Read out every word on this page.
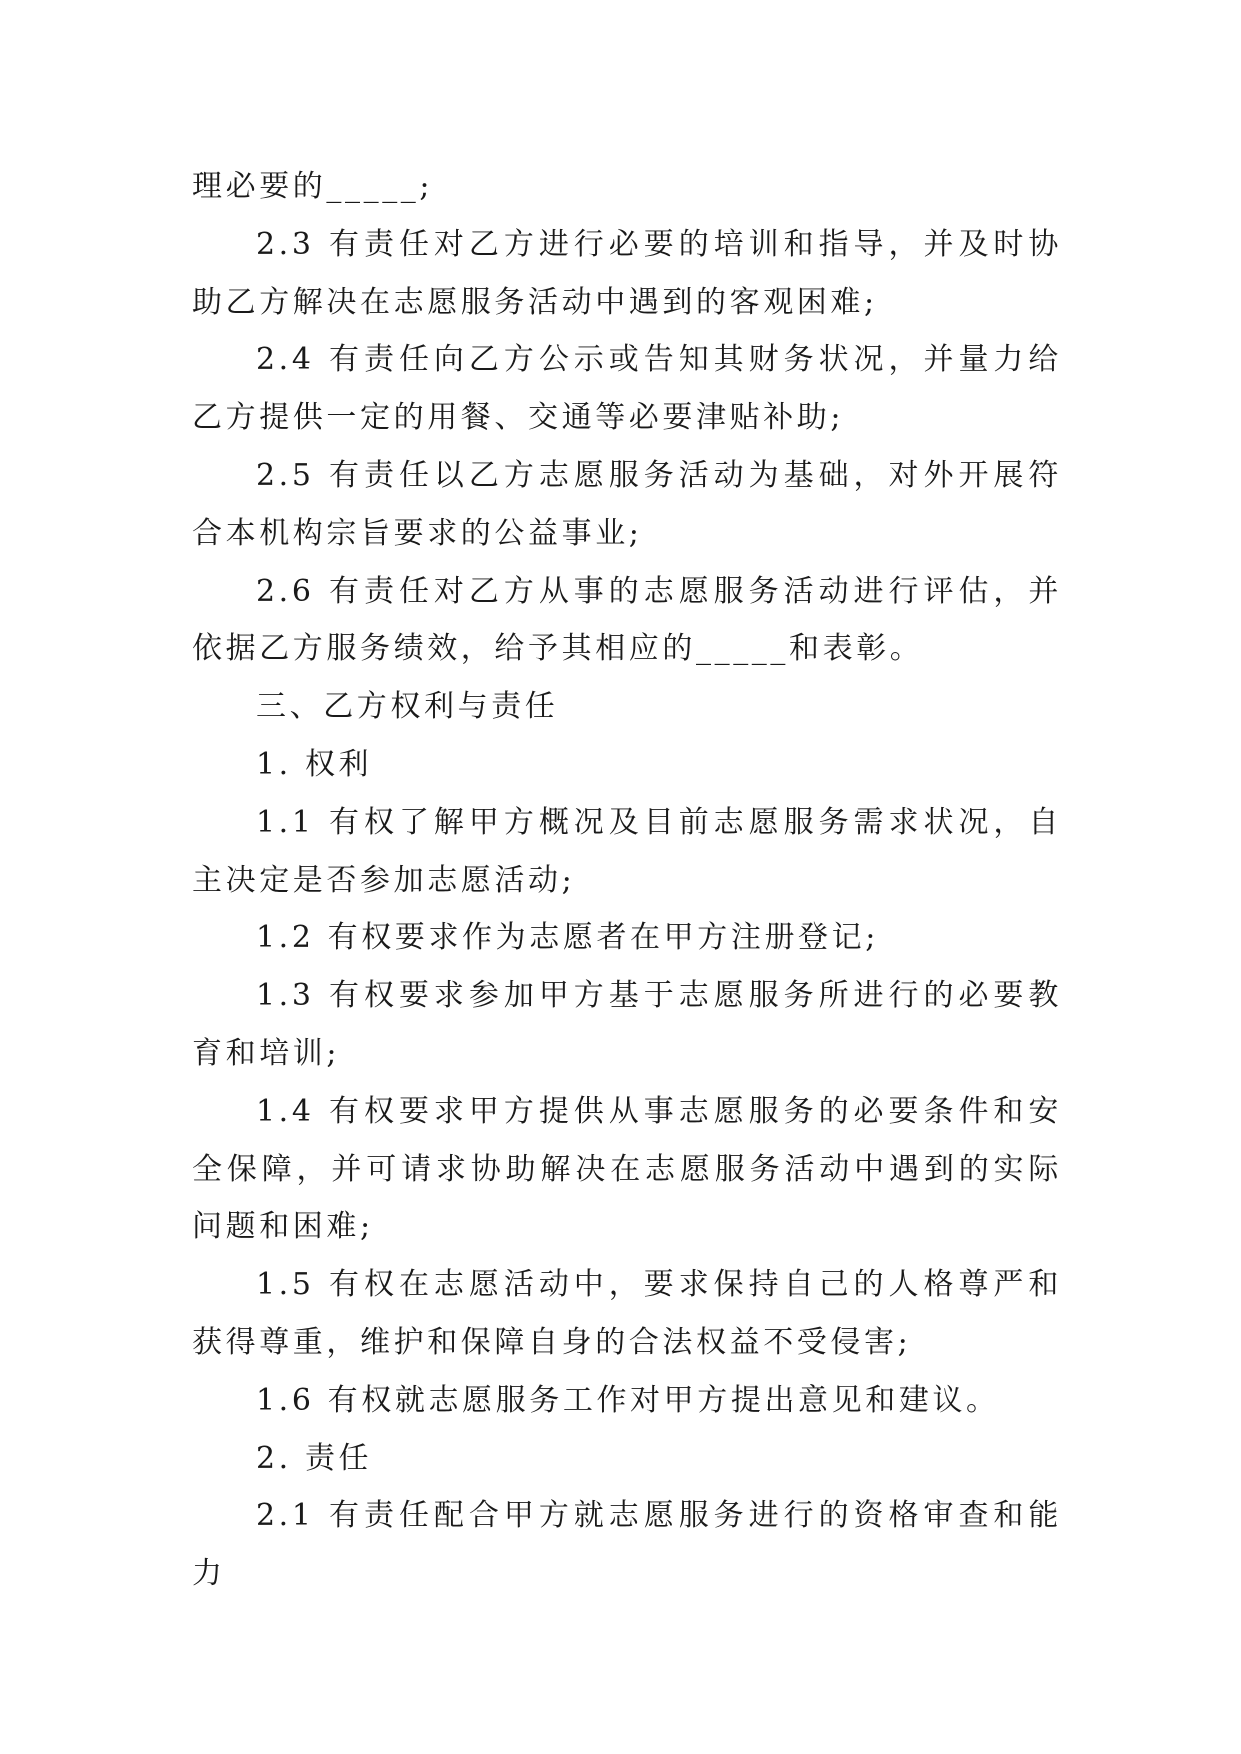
理必要的_____;

2.3 有责任对乙方进行必要的培训和指导，并及时协助乙方解决在志愿服务活动中遇到的客观困难;

2.4 有责任向乙方公示或告知其财务状况，并量力给乙方提供一定的用餐、交通等必要津贴补助;

2.5 有责任以乙方志愿服务活动为基础，对外开展符合本机构宗旨要求的公益事业;

2.6 有责任对乙方从事的志愿服务活动进行评估，并依据乙方服务绩效，给予其相应的_____和表彰。

三、乙方权利与责任

1. 权利

1.1 有权了解甲方概况及目前志愿服务需求状况，自主决定是否参加志愿活动;

1.2 有权要求作为志愿者在甲方注册登记;

1.3 有权要求参加甲方基于志愿服务所进行的必要教育和培训;

1.4 有权要求甲方提供从事志愿服务的必要条件和安全保障，并可请求协助解决在志愿服务活动中遇到的实际问题和困难;

1.5 有权在志愿活动中，要求保持自己的人格尊严和获得尊重，维护和保障自身的合法权益不受侵害;

1.6 有权就志愿服务工作对甲方提出意见和建议。

2. 责任

2.1 有责任配合甲方就志愿服务进行的资格审查和能力
